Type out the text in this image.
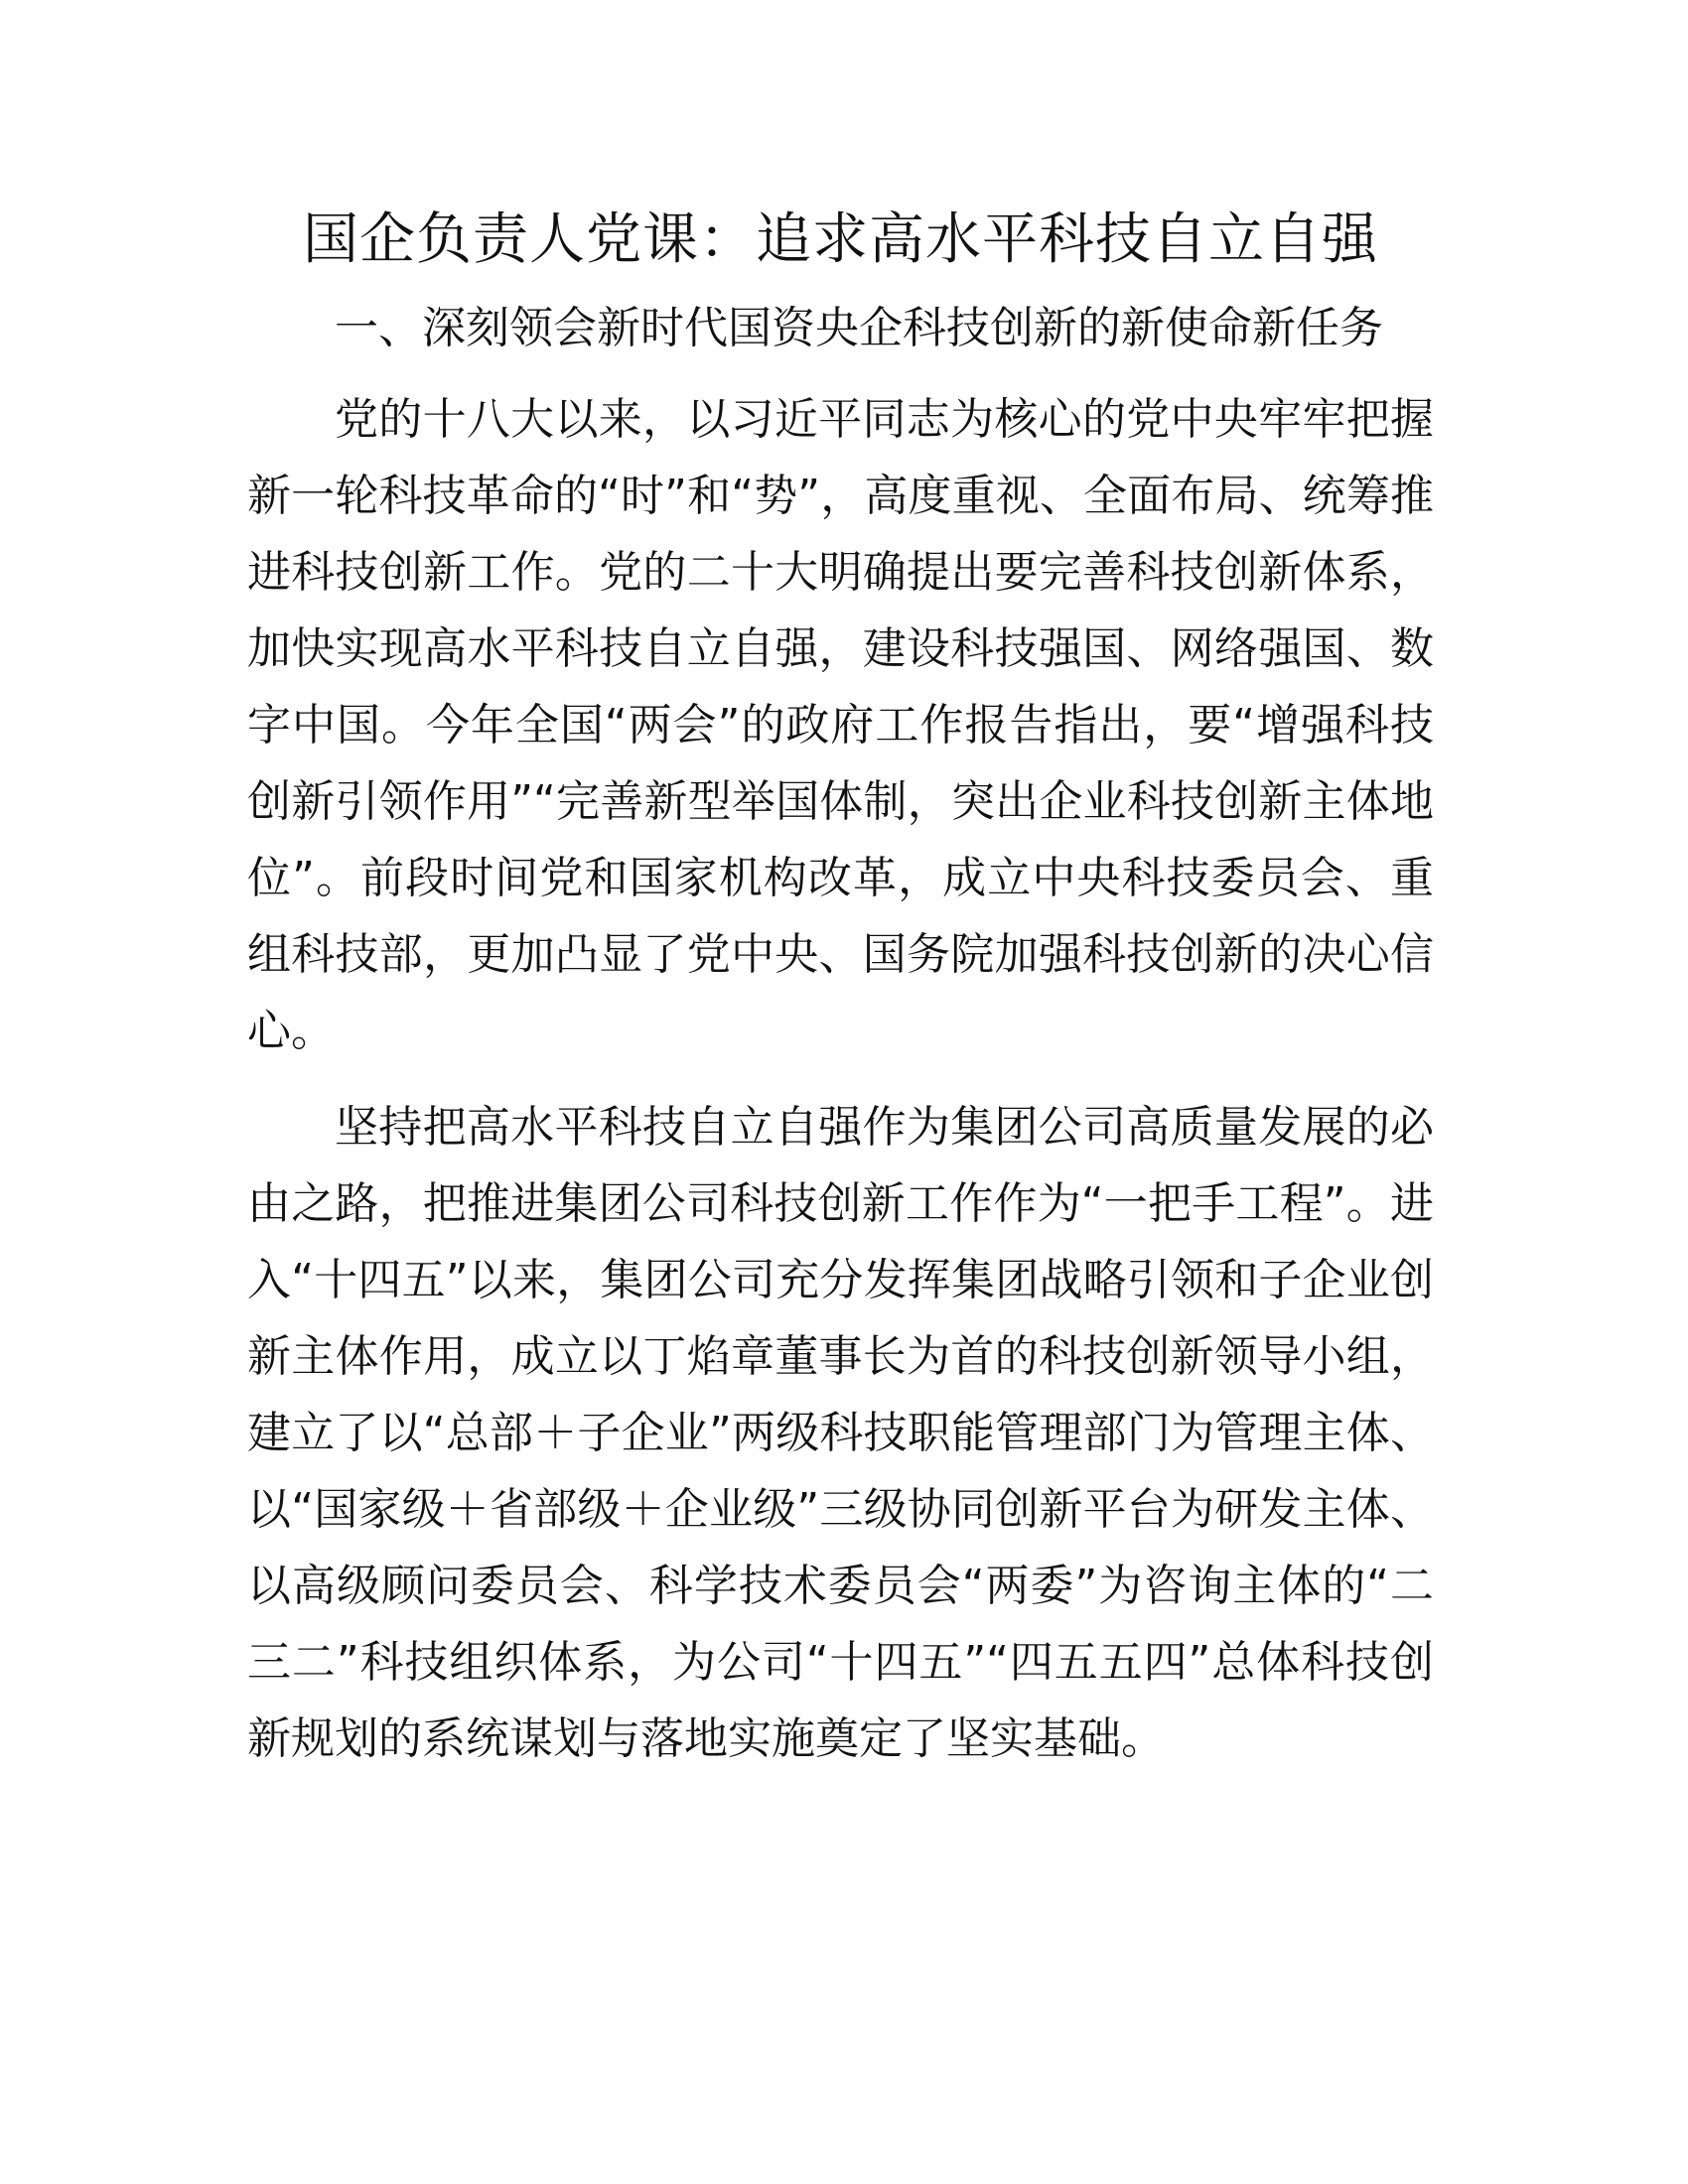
国企负责人党课：追求高水平科技自立自强
一、深刻领会新时代国资央企科技创新的新使命新任务

党的十八大以来，以习近平同志为核心的党中央牢牢把握新一轮科技革命的“时”和“势”，高度重视、全面布局、统筹推进科技创新工作。党的二十大明确提出要完善科技创新体系，加快实现高水平科技自立自强，建设科技强国、网络强国、数字中国。今年全国“两会”的政府工作报告指出，要“增强科技创新引领作用”“完善新型举国体制，突出企业科技创新主体地位”。前段时间党和国家机构改革，成立中央科技委员会、重组科技部，更加凸显了党中央、国务院加强科技创新的决心信心。

坚持把高水平科技自立自强作为集团公司高质量发展的必由之路，把推进集团公司科技创新工作作为“一把手工程”。进入“十四五”以来，集团公司充分发挥集团战略引领和子企业创新主体作用，成立以丁焰章董事长为首的科技创新领导小组，建立了以“总部＋子企业”两级科技职能管理部门为管理主体、以“国家级＋省部级＋企业级”三级协同创新平台为研发主体、以高级顾问委员会、科学技术委员会“两委”为咨询主体的“二三二”科技组织体系，为公司“十四五”“四五五四”总体科技创新规划的系统谋划与落地实施奠定了坚实基础。
